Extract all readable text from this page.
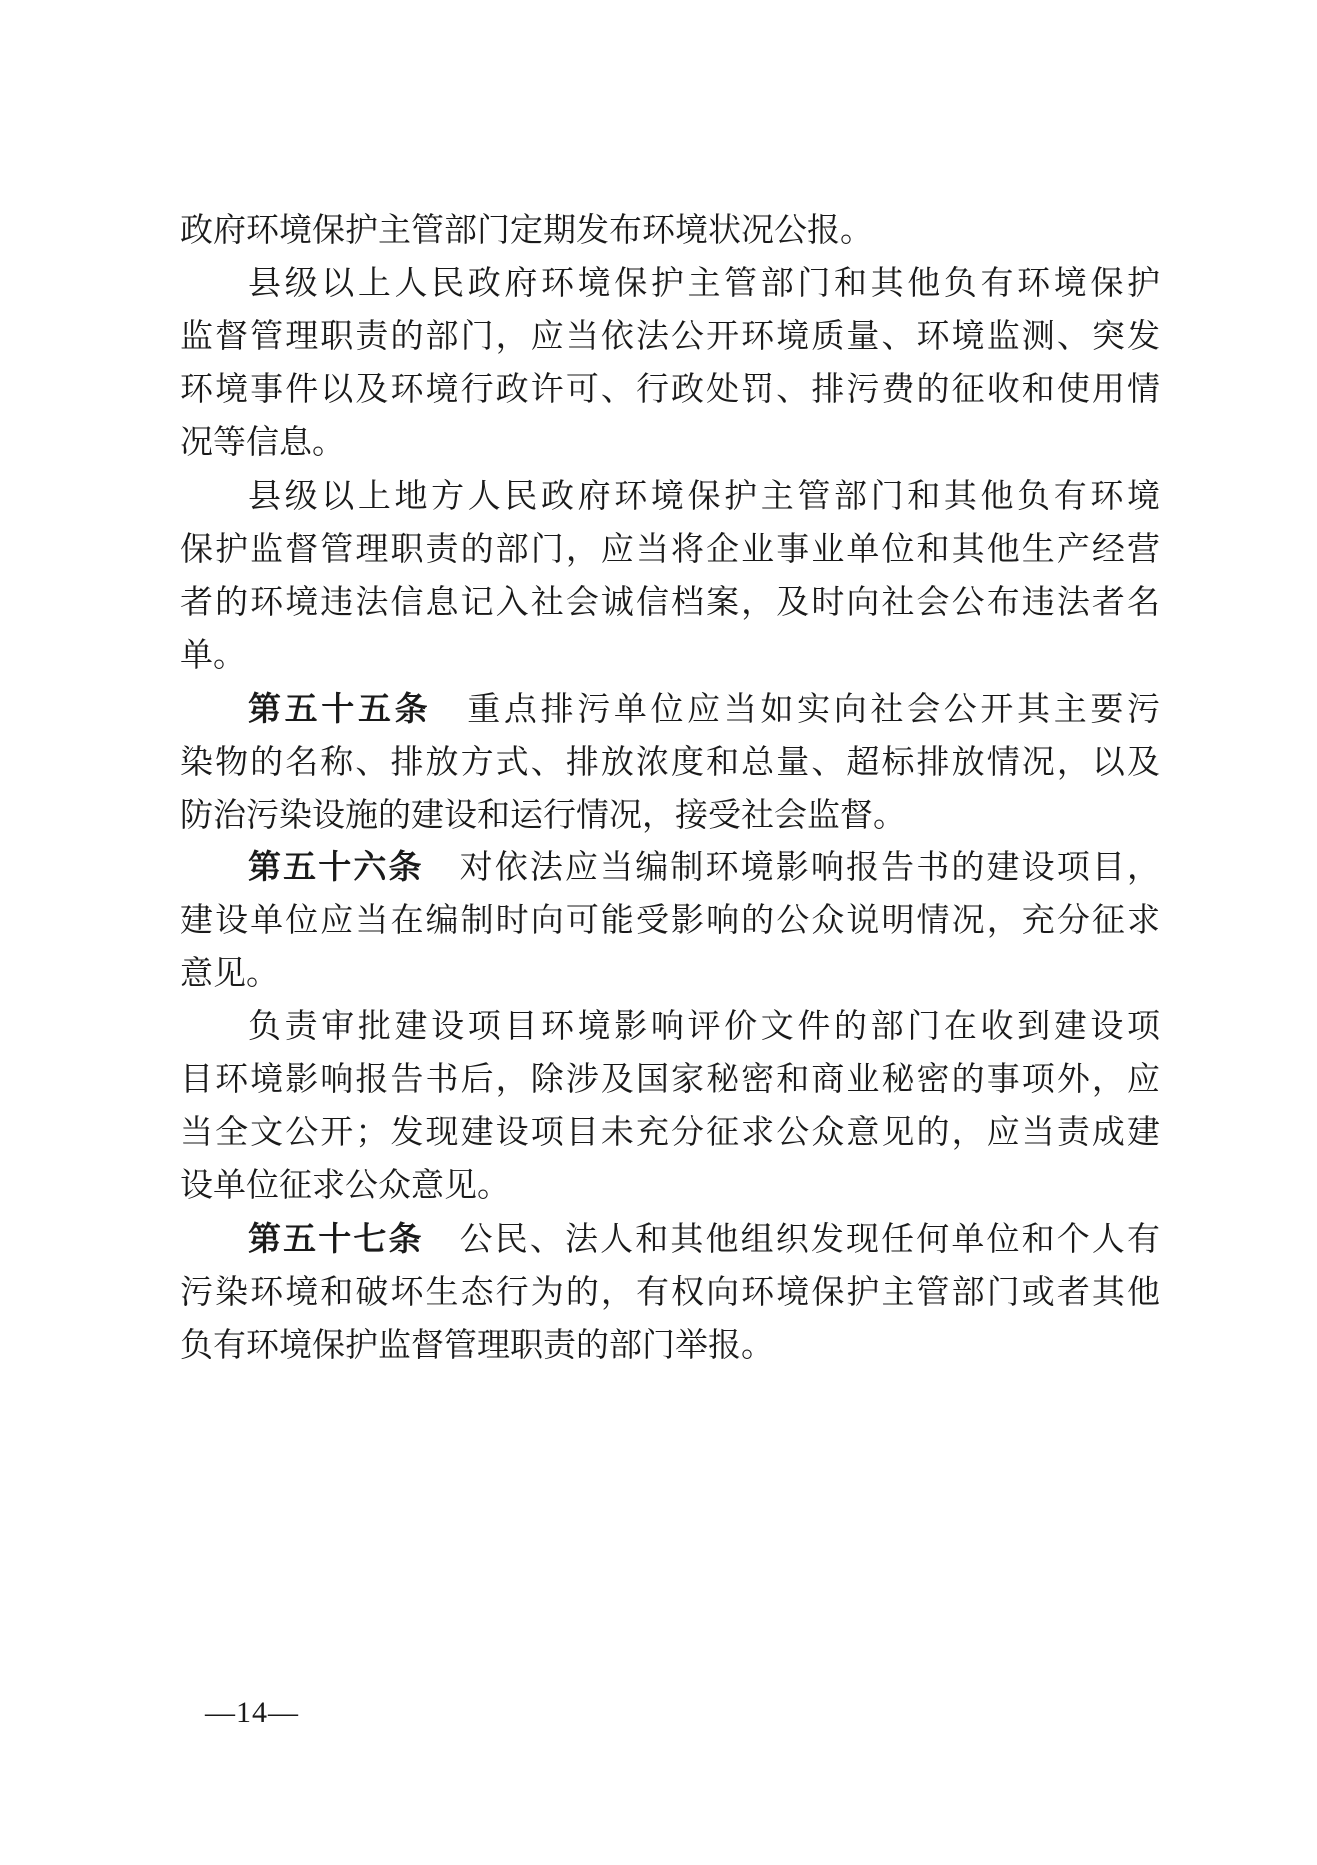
政府环境保护主管部门定期发布环境状况公报。
县级以上人民政府环境保护主管部门和其他负有环境保护
监督管理职责的部门，应当依法公开环境质量、环境监测、突发
环境事件以及环境行政许可、行政处罚、排污费的征收和使用情
况等信息。
县级以上地方人民政府环境保护主管部门和其他负有环境
保护监督管理职责的部门，应当将企业事业单位和其他生产经营
者的环境违法信息记入社会诚信档案，及时向社会公布违法者名
单。
第五十五条 重点排污单位应当如实向社会公开其主要污
染物的名称、排放方式、排放浓度和总量、超标排放情况，以及
防治污染设施的建设和运行情况，接受社会监督。
第五十六条 对依法应当编制环境影响报告书的建设项目，
建设单位应当在编制时向可能受影响的公众说明情况，充分征求
意见。
负责审批建设项目环境影响评价文件的部门在收到建设项
目环境影响报告书后，除涉及国家秘密和商业秘密的事项外，应
当全文公开；发现建设项目未充分征求公众意见的，应当责成建
设单位征求公众意见。
第五十七条 公民、法人和其他组织发现任何单位和个人有
污染环境和破坏生态行为的，有权向环境保护主管部门或者其他
负有环境保护监督管理职责的部门举报。
—14—
